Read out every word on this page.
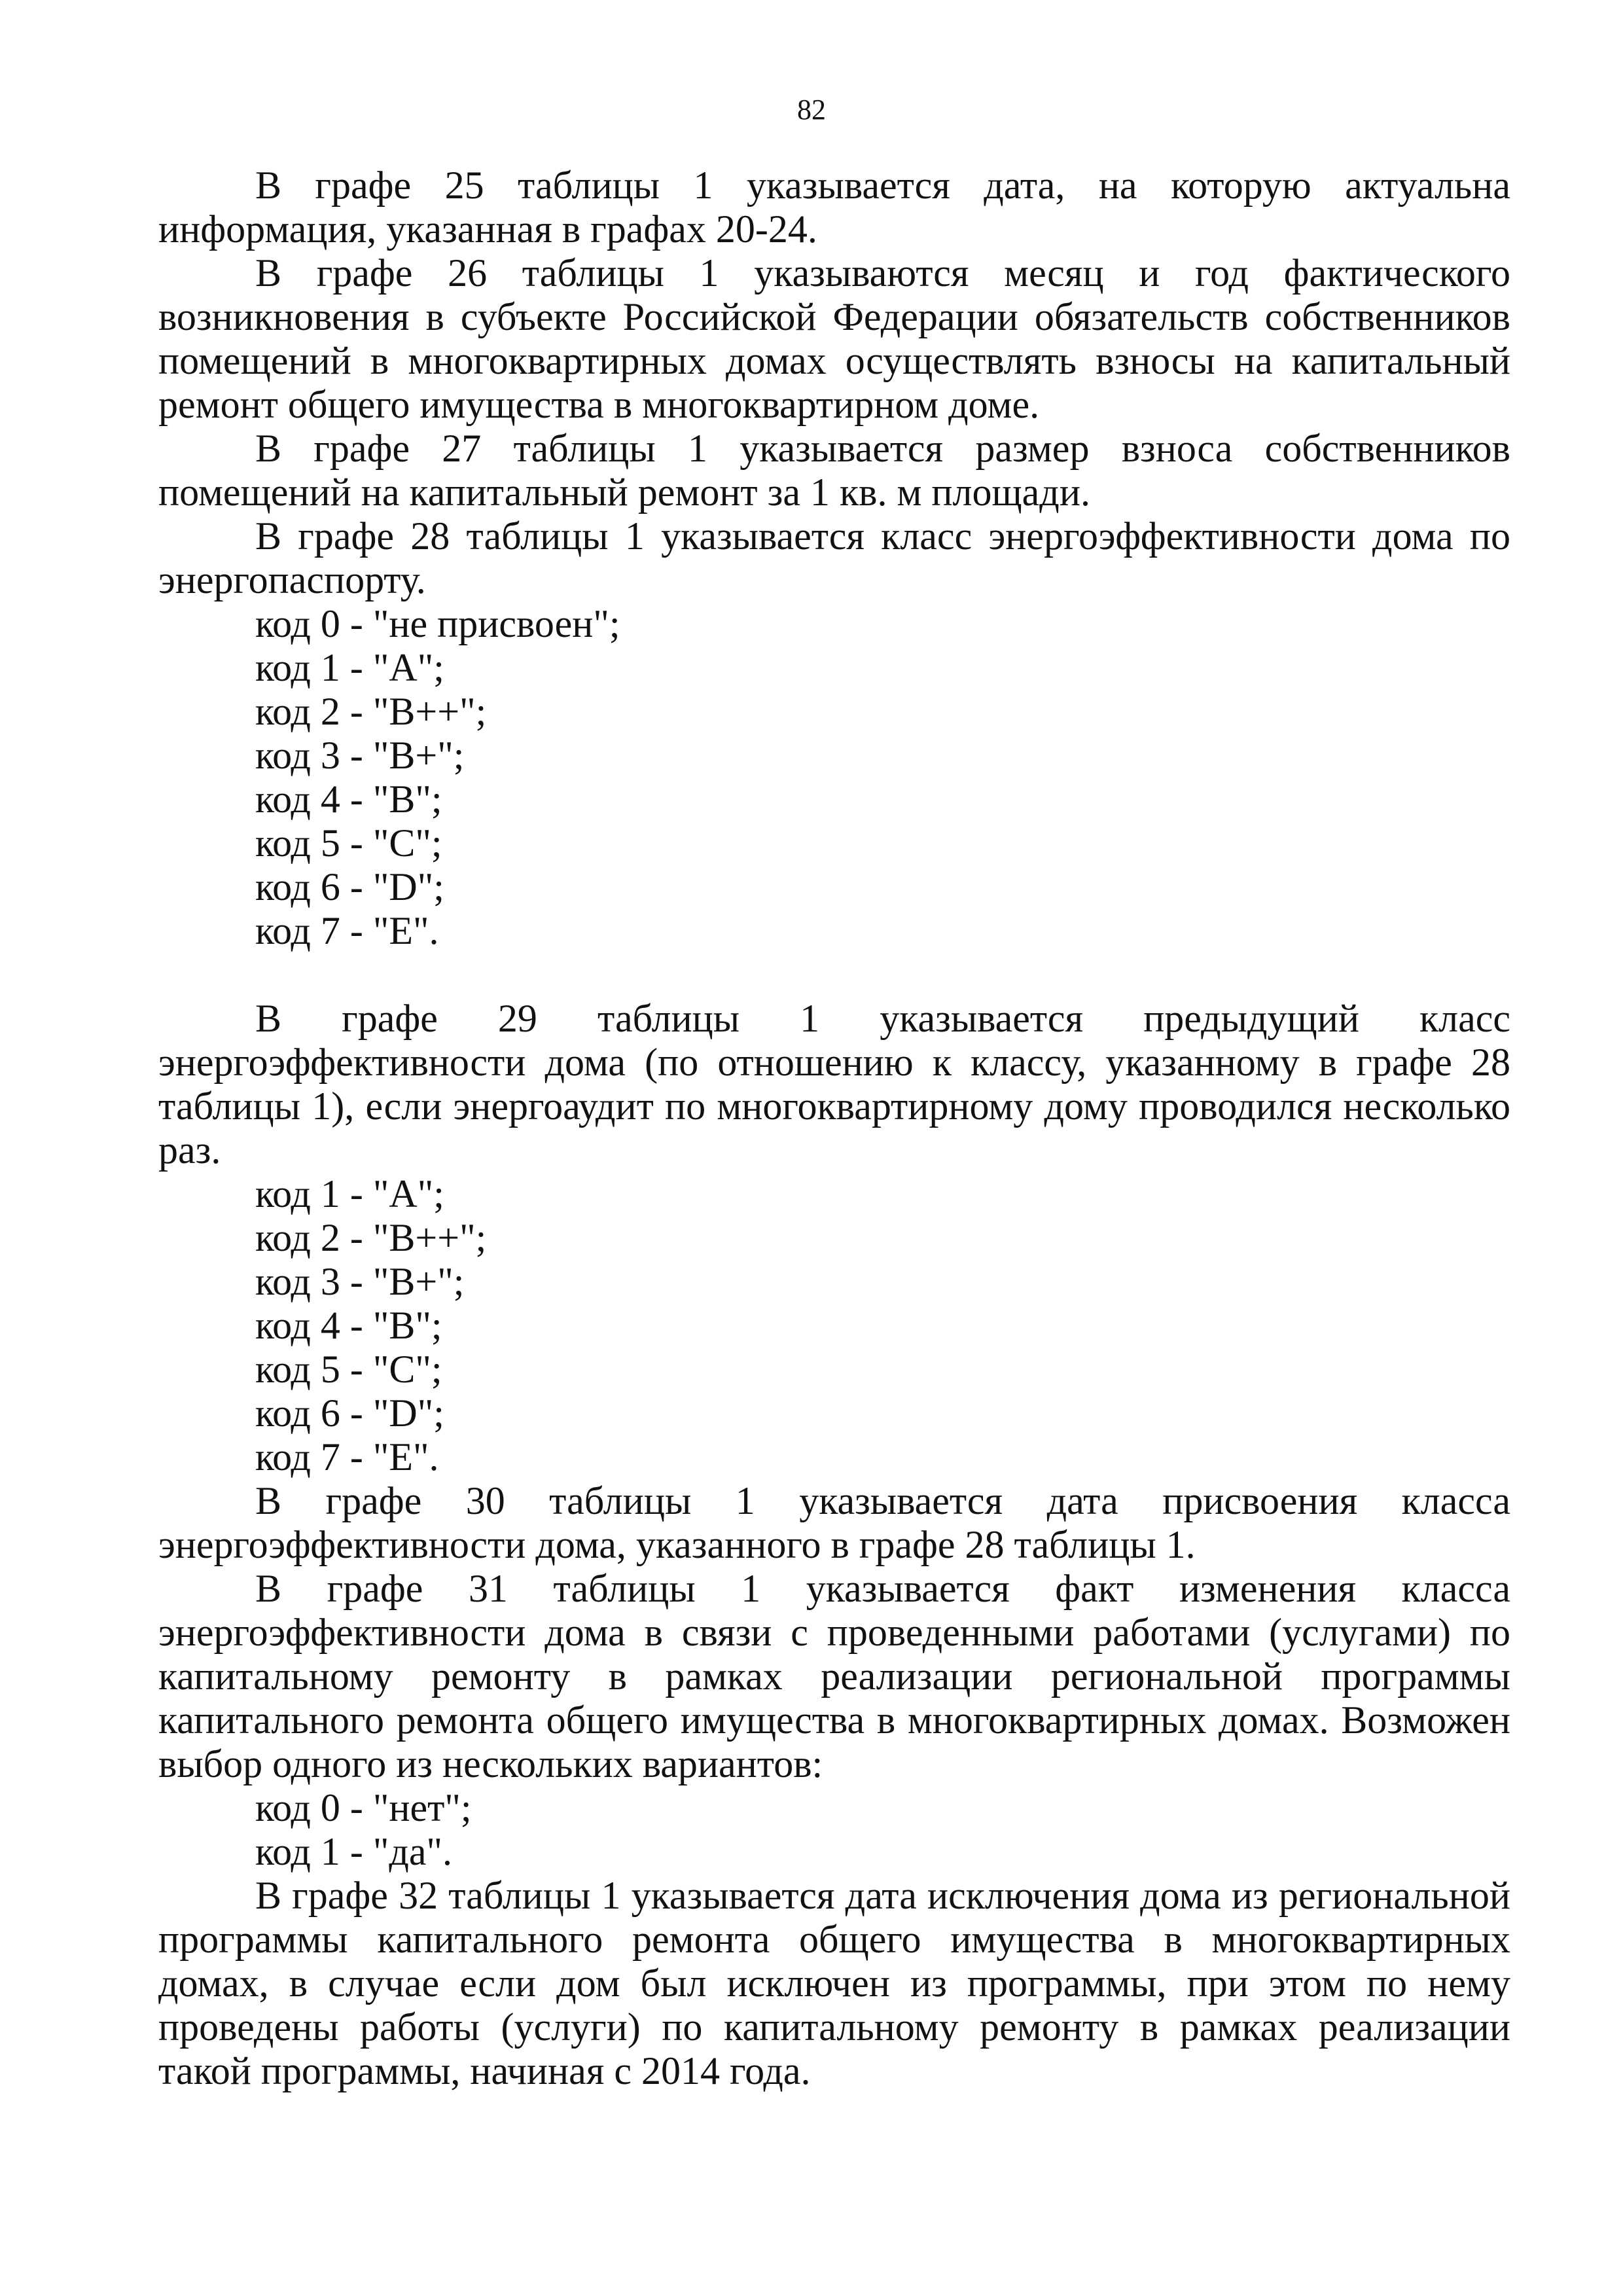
82

В графе 25 таблицы 1 указывается дата, на которую актуальна информация, указанная в графах 20-24.

В графе 26 таблицы 1 указываются месяц и год фактического возникновения в субъекте Российской Федерации обязательств собственников помещений в многоквартирных домах осуществлять взносы на капитальный ремонт общего имущества в многоквартирном доме.

В графе 27 таблицы 1 указывается размер взноса собственников помещений на капитальный ремонт за 1 кв. м площади.

В графе 28 таблицы 1 указывается класс энергоэффективности дома по энергопаспорту.

код 0 - "не присвоен";

код 1 - "A";

код 2 - "B++";

код 3 - "B+";

код 4 - "B";

код 5 - "C";

код 6 - "D";

код 7 - "E".

В графе 29 таблицы 1 указывается предыдущий класс энергоэффективности дома (по отношению к классу, указанному в графе 28 таблицы 1), если энергоаудит по многоквартирному дому проводился несколько раз.

код 1 - "A";

код 2 - "B++";

код 3 - "B+";

код 4 - "B";

код 5 - "C";

код 6 - "D";

код 7 - "E".

В графе 30 таблицы 1 указывается дата присвоения класса энергоэффективности дома, указанного в графе 28 таблицы 1.

В графе 31 таблицы 1 указывается факт изменения класса энергоэффективности дома в связи с проведенными работами (услугами) по капитальному ремонту в рамках реализации региональной программы капитального ремонта общего имущества в многоквартирных домах. Возможен выбор одного из нескольких вариантов:

код 0 - "нет";

код 1 - "да".

В графе 32 таблицы 1 указывается дата исключения дома из региональной программы капитального ремонта общего имущества в многоквартирных домах, в случае если дом был исключен из программы, при этом по нему проведены работы (услуги) по капитальному ремонту в рамках реализации такой программы, начиная с 2014 года.
